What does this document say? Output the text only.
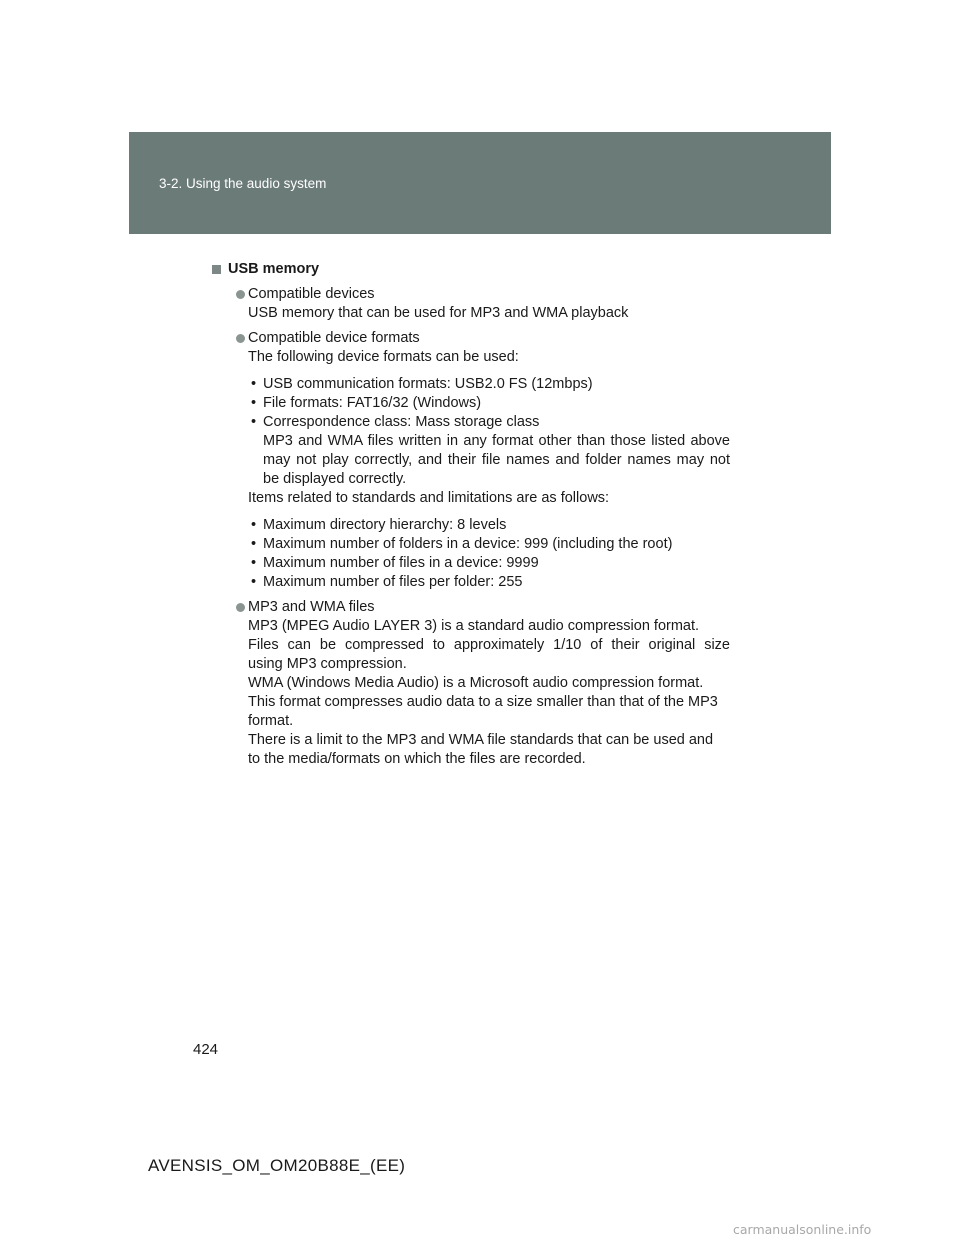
3-2. Using the audio system
USB memory
Compatible devices
USB memory that can be used for MP3 and WMA playback
Compatible device formats
The following device formats can be used:
• USB communication formats: USB2.0 FS (12mbps)
• File formats: FAT16/32 (Windows)
• Correspondence class: Mass storage class
MP3 and WMA files written in any format other than those listed above
may not play correctly, and their file names and folder names may not
be displayed correctly.
Items related to standards and limitations are as follows:
• Maximum directory hierarchy: 8 levels
• Maximum number of folders in a device: 999 (including the root)
• Maximum number of files in a device: 9999
• Maximum number of files per folder: 255
MP3 and WMA files
MP3 (MPEG Audio LAYER 3) is a standard audio compression format.
Files can be compressed to approximately 1/10 of their original size
using MP3 compression.
WMA (Windows Media Audio) is a Microsoft audio compression format.
This format compresses audio data to a size smaller than that of the MP3
format.
There is a limit to the MP3 and WMA file standards that can be used and
to the media/formats on which the files are recorded.
424
AVENSIS_OM_OM20B88E_(EE)
carmanualsonline.info
